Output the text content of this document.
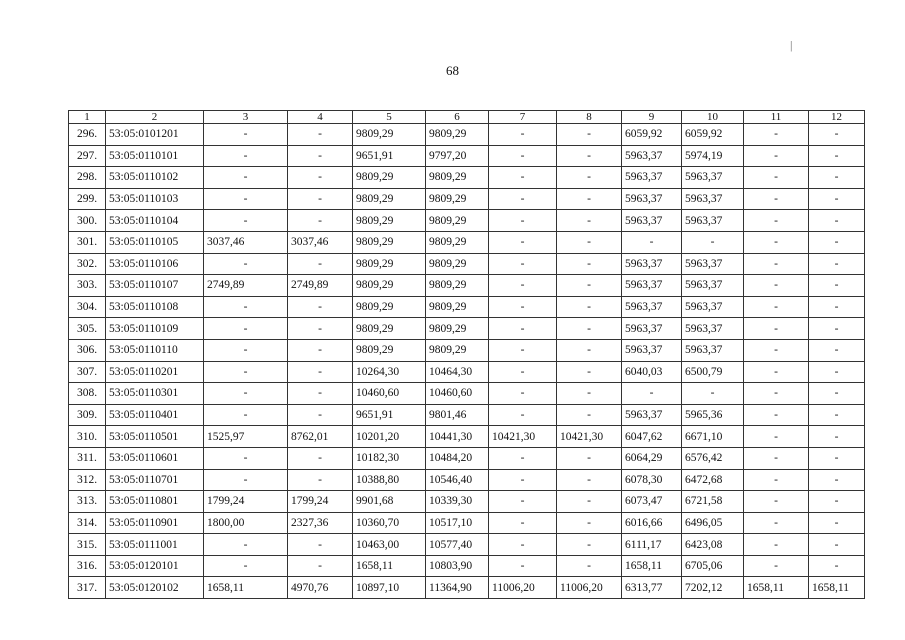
|
68
1	2	3	4	5	6	7	8	9	10	11	12
296.	53:05:0101201	-	-	9809,29	9809,29	-	-	6059,92	6059,92	-	-
297.	53:05:0110101	-	-	9651,91	9797,20	-	-	5963,37	5974,19	-	-
298.	53:05:0110102	-	-	9809,29	9809,29	-	-	5963,37	5963,37	-	-
299.	53:05:0110103	-	-	9809,29	9809,29	-	-	5963,37	5963,37	-	-
300.	53:05:0110104	-	-	9809,29	9809,29	-	-	5963,37	5963,37	-	-
301.	53:05:0110105	3037,46	3037,46	9809,29	9809,29	-	-	-	-	-	-
302.	53:05:0110106	-	-	9809,29	9809,29	-	-	5963,37	5963,37	-	-
303.	53:05:0110107	2749,89	2749,89	9809,29	9809,29	-	-	5963,37	5963,37	-	-
304.	53:05:0110108	-	-	9809,29	9809,29	-	-	5963,37	5963,37	-	-
305.	53:05:0110109	-	-	9809,29	9809,29	-	-	5963,37	5963,37	-	-
306.	53:05:0110110	-	-	9809,29	9809,29	-	-	5963,37	5963,37	-	-
307.	53:05:0110201	-	-	10264,30	10464,30	-	-	6040,03	6500,79	-	-
308.	53:05:0110301	-	-	10460,60	10460,60	-	-	-	-	-	-
309.	53:05:0110401	-	-	9651,91	9801,46	-	-	5963,37	5965,36	-	-
310.	53:05:0110501	1525,97	8762,01	10201,20	10441,30	10421,30	10421,30	6047,62	6671,10	-	-
311.	53:05:0110601	-	-	10182,30	10484,20	-	-	6064,29	6576,42	-	-
312.	53:05:0110701	-	-	10388,80	10546,40	-	-	6078,30	6472,68	-	-
313.	53:05:0110801	1799,24	1799,24	9901,68	10339,30	-	-	6073,47	6721,58	-	-
314.	53:05:0110901	1800,00	2327,36	10360,70	10517,10	-	-	6016,66	6496,05	-	-
315.	53:05:0111001	-	-	10463,00	10577,40	-	-	6111,17	6423,08	-	-
316.	53:05:0120101	-	-	1658,11	10803,90	-	-	1658,11	6705,06	-	-
317.	53:05:0120102	1658,11	4970,76	10897,10	11364,90	11006,20	11006,20	6313,77	7202,12	1658,11	1658,11
